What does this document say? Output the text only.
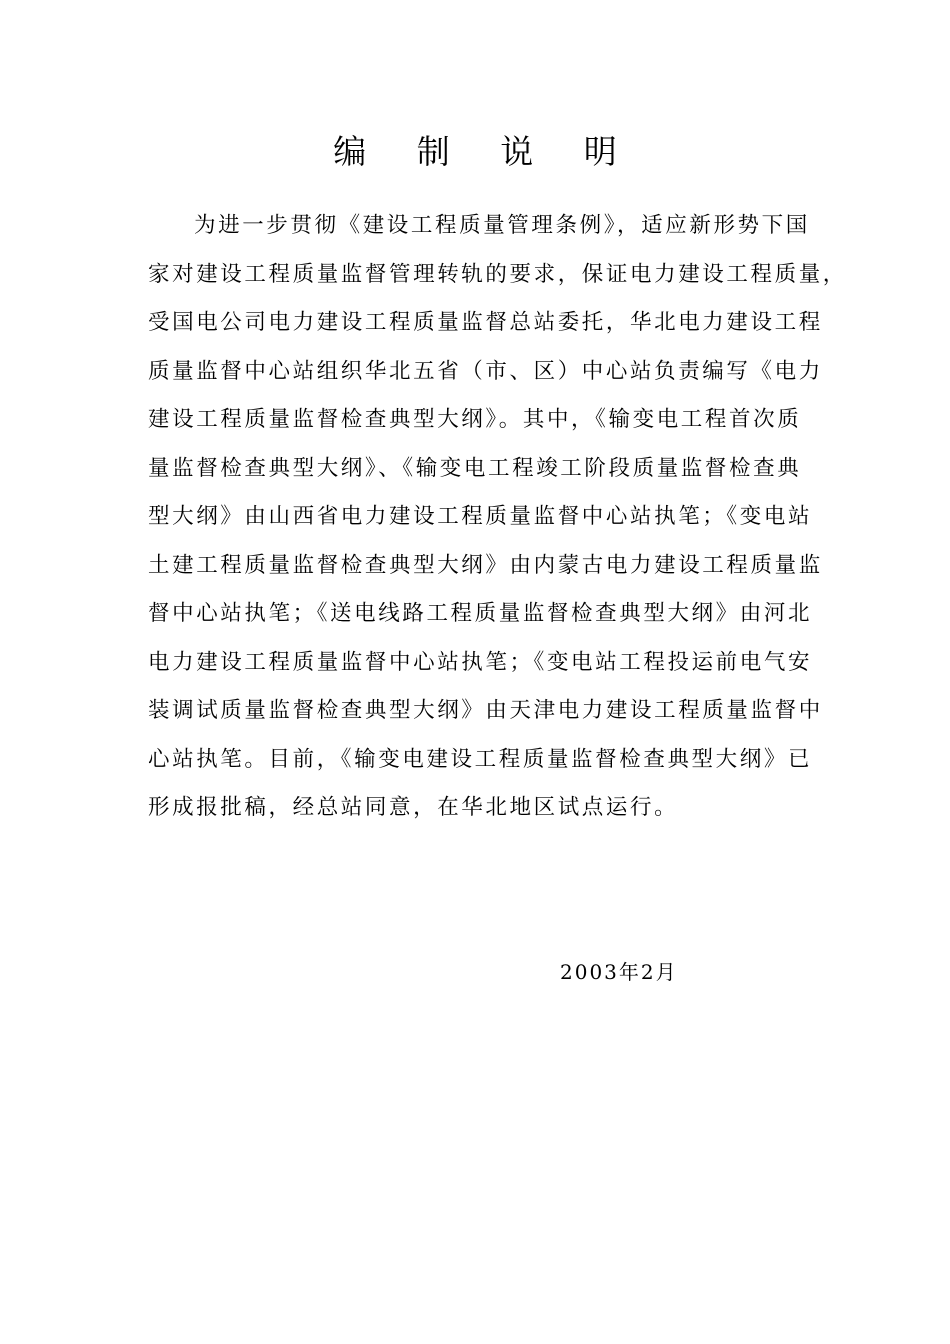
编 制 说 明
为进一步贯彻《建设工程质量管理条例》，适应新形势下国
家对建设工程质量监督管理转轨的要求，保证电力建设工程质量，
受国电公司电力建设工程质量监督总站委托，华北电力建设工程
质量监督中心站组织华北五省（市、区）中心站负责编写《电力
建设工程质量监督检查典型大纲》。其中，《输变电工程首次质
量监督检查典型大纲》、《输变电工程竣工阶段质量监督检查典
型大纲》由山西省电力建设工程质量监督中心站执笔；《变电站
土建工程质量监督检查典型大纲》由内蒙古电力建设工程质量监
督中心站执笔；《送电线路工程质量监督检查典型大纲》由河北
电力建设工程质量监督中心站执笔；《变电站工程投运前电气安
装调试质量监督检查典型大纲》由天津电力建设工程质量监督中
心站执笔。目前，《输变电建设工程质量监督检查典型大纲》已
形成报批稿，经总站同意，在华北地区试点运行。
2003年2月
